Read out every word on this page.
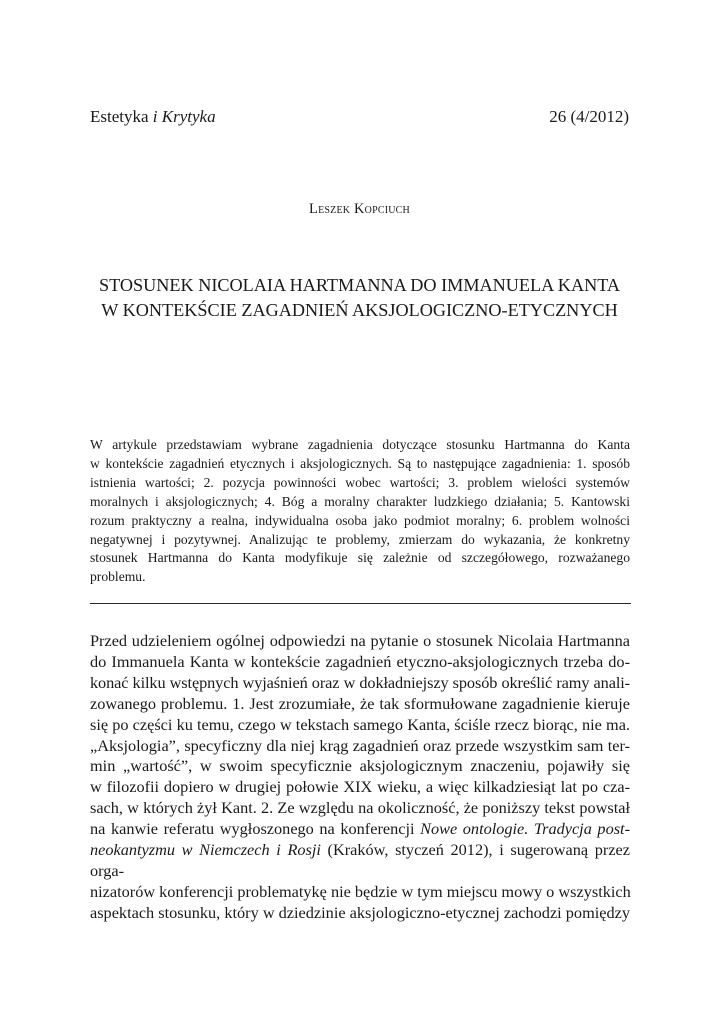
Estetyka i Krytyka	26 (4/2012)
Leszek Kopciuch
STOSUNEK NICOLAIA HARTMANNA DO IMMANUELA KANTA
W KONTEKŚCIE ZAGADNIEŃ AKSJOLOGICZNO-ETYCZNYCH
W artykule przedstawiam wybrane zagadnienia dotyczące stosunku Hartmanna do Kanta
w kontekście zagadnień etycznych i aksjologicznych. Są to następujące zagadnienia: 1. sposób
istnienia wartości; 2. pozycja powinności wobec wartości; 3. problem wielości systemów
moralnych i aksjologicznych; 4. Bóg a moralny charakter ludzkiego działania; 5. Kantowski
rozum praktyczny a realna, indywidualna osoba jako podmiot moralny; 6. problem wolności
negatywnej i pozytywnej. Analizując te problemy, zmierzam do wykazania, że konkretny
stosunek Hartmanna do Kanta modyfikuje się zależnie od szczegółowego, rozważanego
problemu.
Przed udzieleniem ogólnej odpowiedzi na pytanie o stosunek Nicolaia Hartmanna
do Immanuela Kanta w kontekście zagadnień etyczno-aksjologicznych trzeba do-
konać kilku wstępnych wyjaśnień oraz w dokładniejszy sposób określić ramy anali-
zowanego problemu. 1. Jest zrozumiałe, że tak sformułowane zagadnienie kieruje
się po części ku temu, czego w tekstach samego Kanta, ściśle rzecz biorąc, nie ma.
„Aksjologia”, specyficzny dla niej krąg zagadnień oraz przede wszystkim sam ter-
min „wartość”, w swoim specyficznie aksjologicznym znaczeniu, pojawiły się
w filozofii dopiero w drugiej połowie XIX wieku, a więc kilkadziesiąt lat po cza-
sach, w których żył Kant. 2. Ze względu na okoliczność, że poniższy tekst powstał
na kanwie referatu wygłoszonego na konferencji Nowe ontologie. Tradycja post-
neokantyzmu w Niemczech i Rosji (Kraków, styczeń 2012), i sugerowaną przez orga-
nizatorów konferencji problematykę nie będzie w tym miejscu mowy o wszystkich
aspektach stosunku, który w dziedzinie aksjologiczno-etycznej zachodzi pomiędzy
